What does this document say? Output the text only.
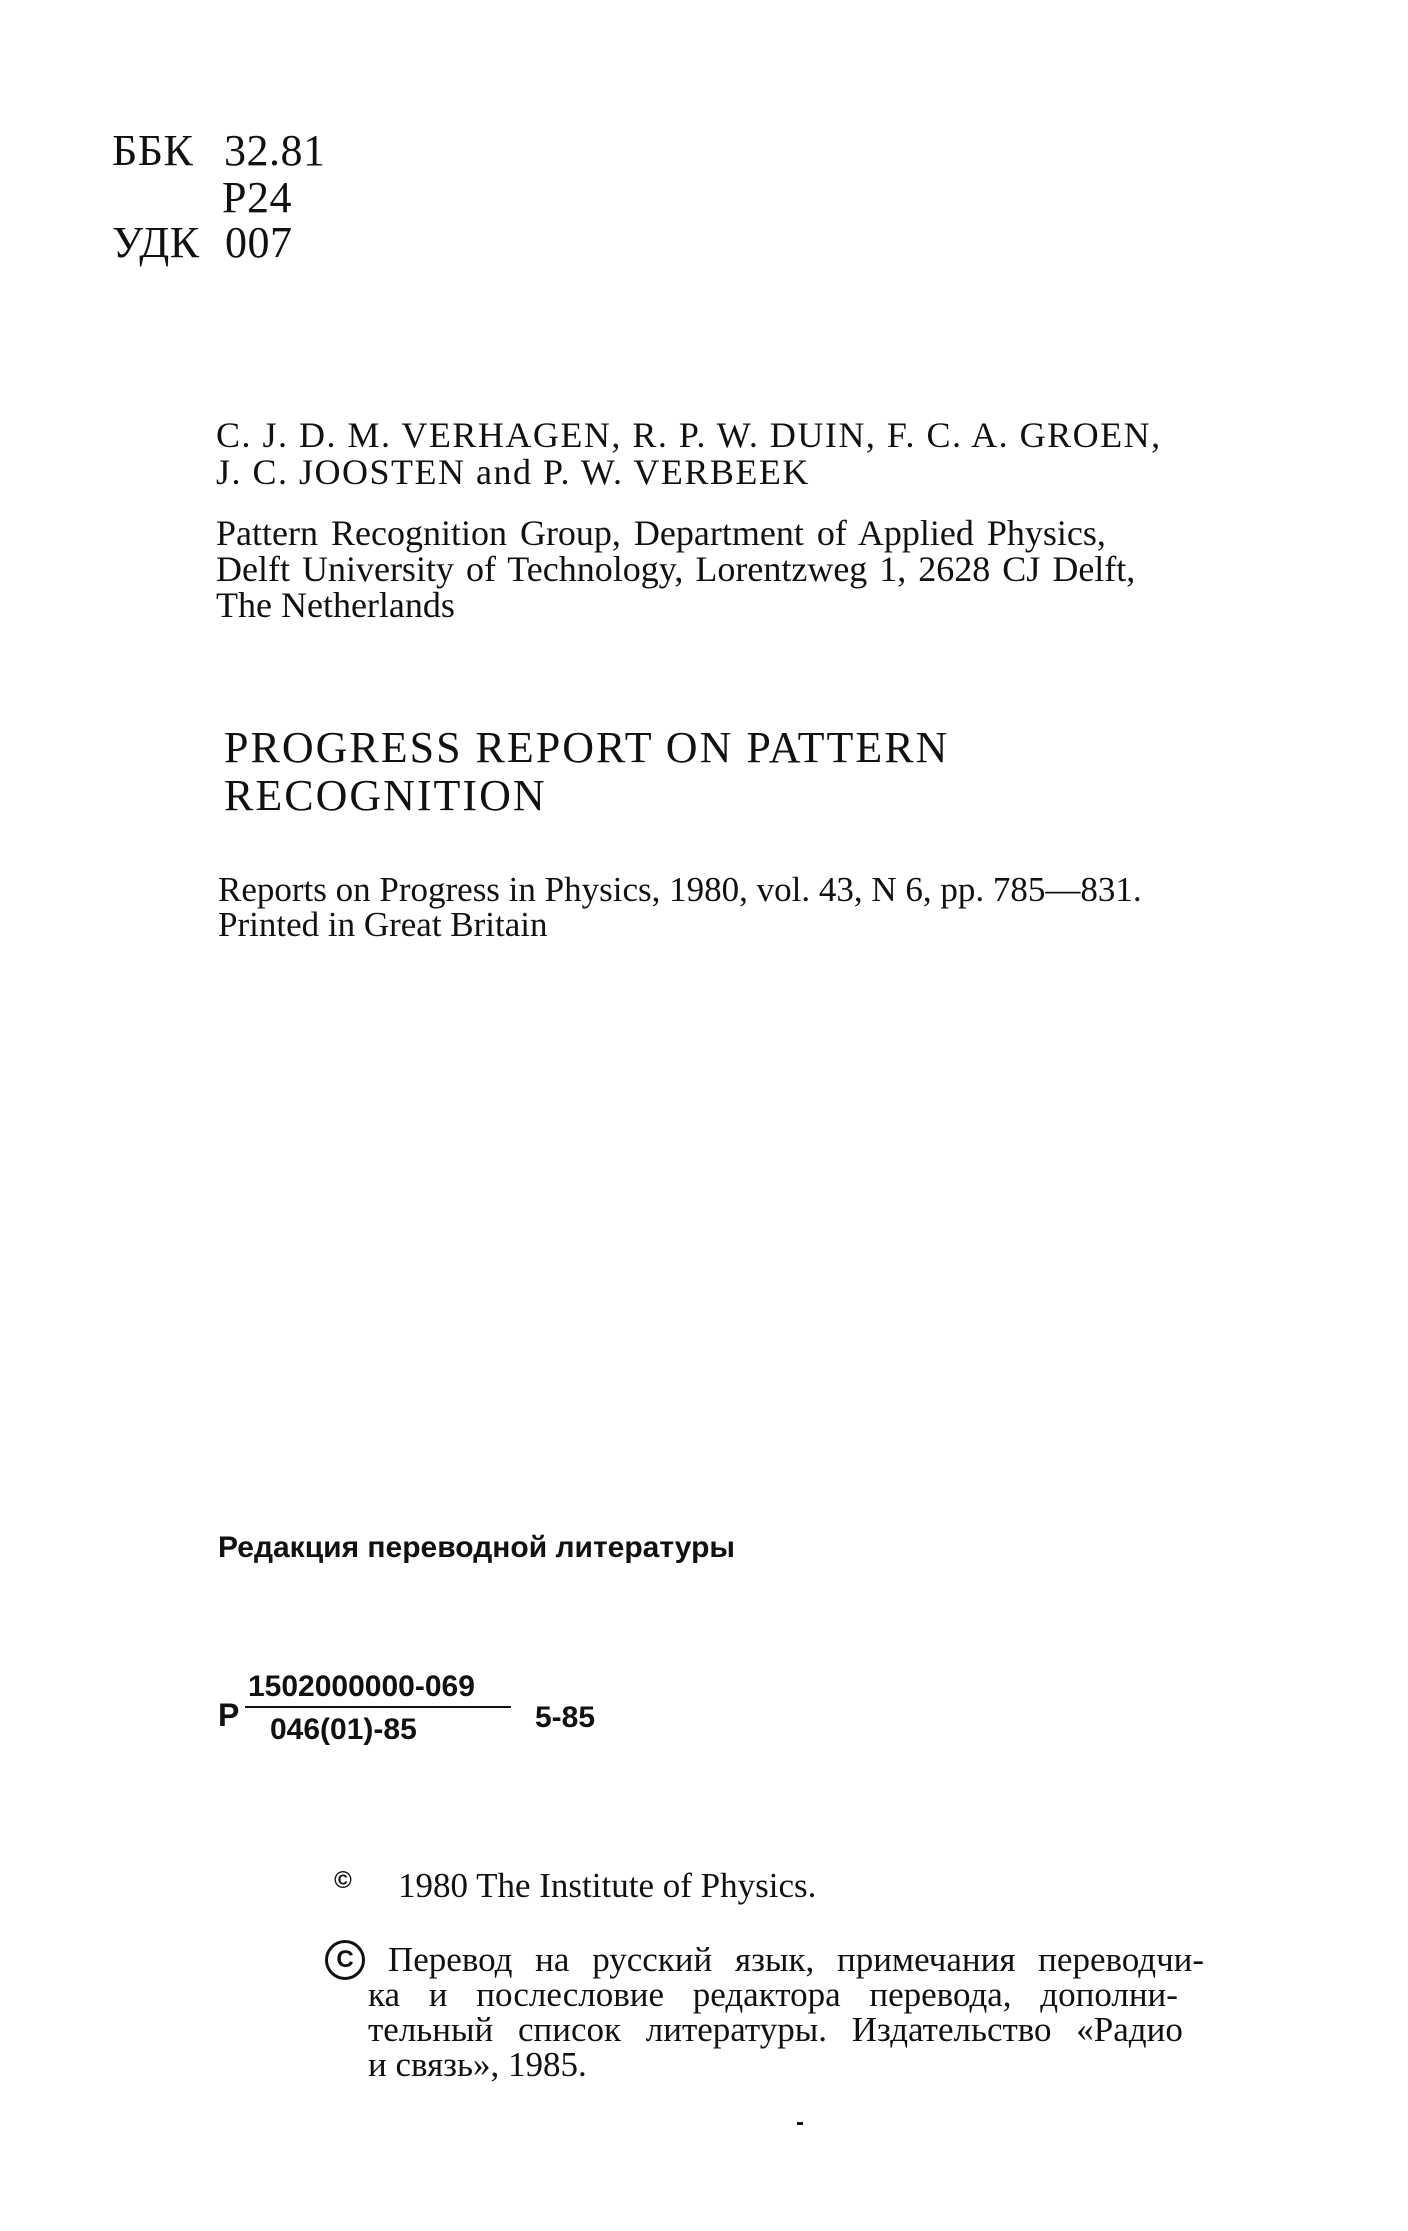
ББК 32.81
P24
УДК 007
C. J. D. M. VERHAGEN, R. P. W. DUIN, F. C. A. GROEN,
J. C. JOOSTEN and P. W. VERBEEK
Pattern Recognition Group, Department of Applied Physics,
Delft University of Technology, Lorentzweg 1, 2628 CJ Delft,
The Netherlands
PROGRESS REPORT ON PATTERN
RECOGNITION
Reports on Progress in Physics, 1980, vol. 43, N 6, pp. 785—831.
Printed in Great Britain
Редакция переводной литературы
P
1502000000-069
046(01)-85	5-85
© 1980 The Institute of Physics.
C Перевод на русский язык, примечания переводчи-
ка и послесловие редактора перевода, дополни-
тельный список литературы. Издательство «Радио
и связь», 1985.
